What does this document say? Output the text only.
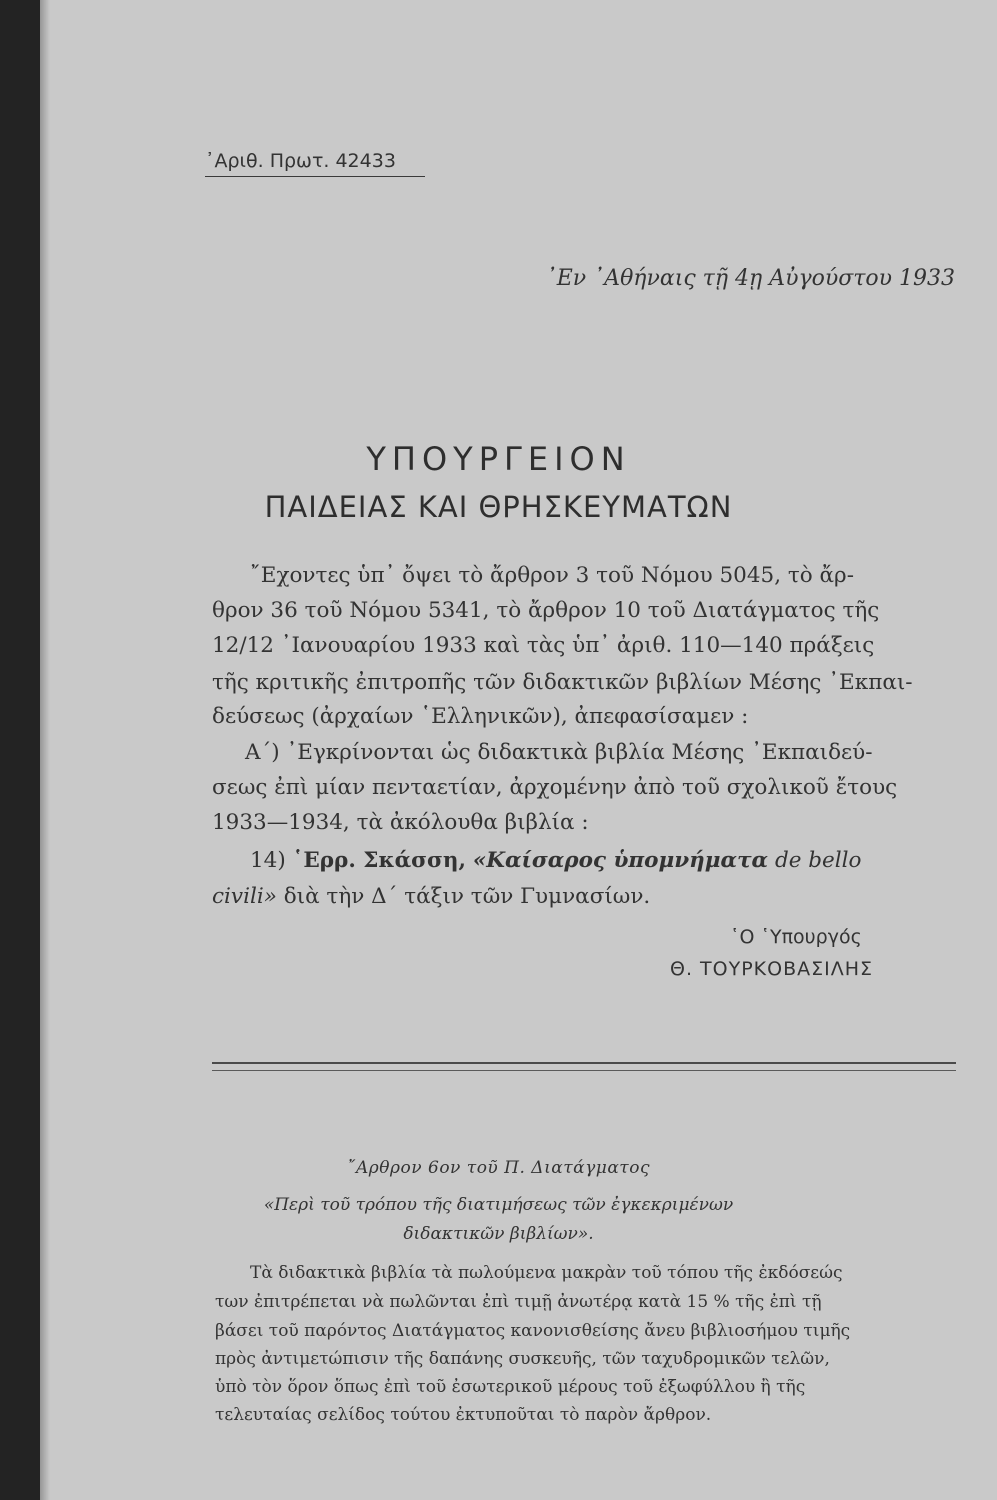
᾿Αριθ. Πρωτ. 42433
᾿Εν ᾿Αθήναις τῇ 4ῃ Αὐγούστου 1933
ΥΠΟΥΡΓΕΙΟΝ
ΠΑΙΔΕΙΑΣ ΚΑΙ ΘΡΗΣΚΕΥΜΑΤΩΝ
῎Εχοντες ὑπ᾿ ὄψει τὸ ἄρθρον 3 τοῦ Νόμου 5045, τὸ ἄρ-
θρον 36 τοῦ Νόμου 5341, τὸ ἄρθρον 10 τοῦ Διατάγματος τῆς
12/12 ᾿Ιανουαρίου 1933 καὶ τὰς ὑπ᾿ ἀριθ. 110—140 πράξεις
τῆς κριτικῆς ἐπιτροπῆς τῶν διδακτικῶν βιβλίων Μέσης ᾿Εκπαι-
δεύσεως (ἀρχαίων ῾Ελληνικῶν), ἀπεφασίσαμεν :
Α΄) ᾿Εγκρίνονται ὡς διδακτικὰ βιβλία Μέσης ᾿Εκπαιδεύ-
σεως ἐπὶ μίαν πενταετίαν, ἀρχομένην ἀπὸ τοῦ σχολικοῦ ἔτους
1933—1934, τὰ ἀκόλουθα βιβλία :
14) ῾Ερρ. Σκάσση, «Καίσαρος ὑπομνήματα de bello
civili» διὰ τὴν Δ΄ τάξιν τῶν Γυμνασίων.
῾Ο ῾Υπουργός
Θ. ΤΟΥΡΚΟΒΑΣΙΛΗΣ
῎Αρθρον 6ον τοῦ Π. Διατάγματος
«Περὶ τοῦ τρόπου τῆς διατιμήσεως τῶν ἐγκεκριμένων
διδακτικῶν βιβλίων».
Τὰ διδακτικὰ βιβλία τὰ πωλούμενα μακρὰν τοῦ τόπου τῆς ἐκδόσεώς
των ἐπιτρέπεται νὰ πωλῶνται ἐπὶ τιμῇ ἀνωτέρᾳ κατὰ 15 % τῆς ἐπὶ τῇ
βάσει τοῦ παρόντος Διατάγματος κανονισθείσης ἄνευ βιβλιοσήμου τιμῆς
πρὸς ἀντιμετώπισιν τῆς δαπάνης συσκευῆς, τῶν ταχυδρομικῶν τελῶν,
ὑπὸ τὸν ὅρον ὅπως ἐπὶ τοῦ ἐσωτερικοῦ μέρους τοῦ ἐξωφύλλου ἢ τῆς
τελευταίας σελίδος τούτου ἐκτυποῦται τὸ παρὸν ἄρθρον.
